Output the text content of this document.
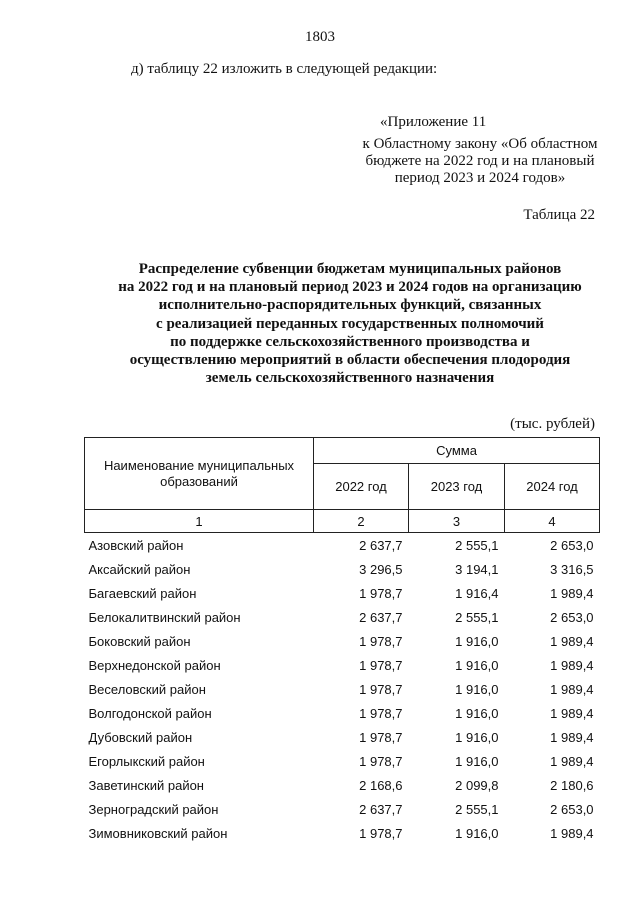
1803
д) таблицу 22 изложить в следующей редакции:
«Приложение 11
к Областному закону «Об областном
бюджете на 2022 год и на плановый
период 2023 и 2024 годов»
Таблица 22
Распределение субвенции бюджетам муниципальных районов
на 2022 год и на плановый период 2023 и 2024 годов на организацию
исполнительно-распорядительных функций, связанных
с реализацией переданных государственных полномочий
по поддержке сельскохозяйственного производства и
осуществлению мероприятий в области обеспечения плодородия
земель сельскохозяйственного назначения
(тыс. рублей)
Наименование муниципальных образований	Сумма		
	2022 год	2023 год	2024 год
1	2	3	4
Азовский район	2 637,7	2 555,1	2 653,0
Аксайский район	3 296,5	3 194,1	3 316,5
Багаевский район	1 978,7	1 916,4	1 989,4
Белокалитвинский район	2 637,7	2 555,1	2 653,0
Боковский район	1 978,7	1 916,0	1 989,4
Верхнедонской район	1 978,7	1 916,0	1 989,4
Веселовский район	1 978,7	1 916,0	1 989,4
Волгодонской район	1 978,7	1 916,0	1 989,4
Дубовский район	1 978,7	1 916,0	1 989,4
Егорлыкский район	1 978,7	1 916,0	1 989,4
Заветинский район	2 168,6	2 099,8	2 180,6
Зерноградский район	2 637,7	2 555,1	2 653,0
Зимовниковский район	1 978,7	1 916,0	1 989,4
